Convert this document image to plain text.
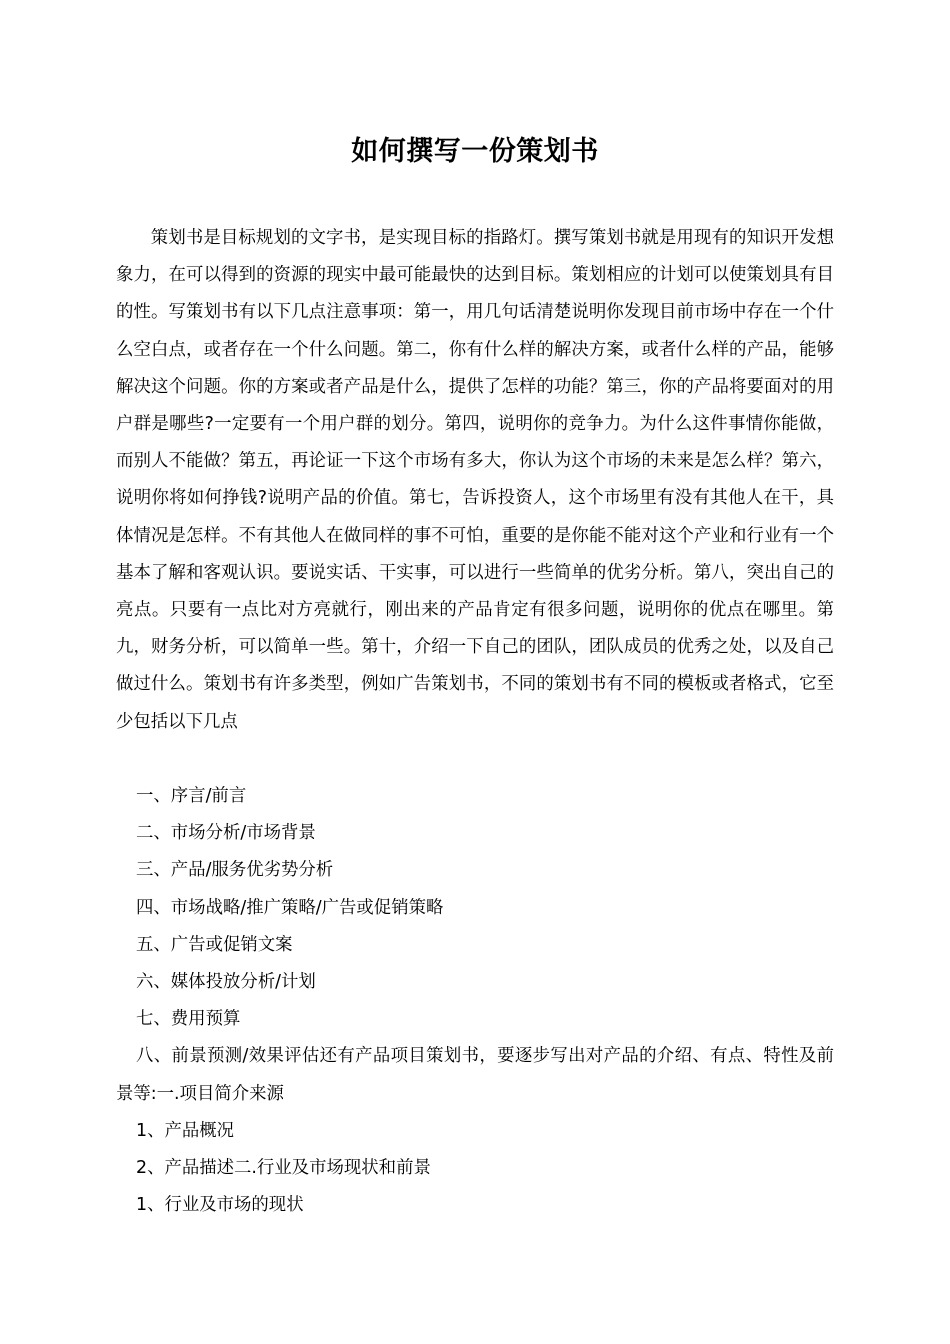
如何撰写一份策划书

策划书是目标规划的文字书，是实现目标的指路灯。撰写策划书就是用现有的知识开发想象力，在可以得到的资源的现实中最可能最快的达到目标。策划相应的计划可以使策划具有目的性。写策划书有以下几点注意事项：第一，用几句话清楚说明你发现目前市场中存在一个什么空白点，或者存在一个什么问题。第二，你有什么样的解决方案，或者什么样的产品，能够解决这个问题。你的方案或者产品是什么，提供了怎样的功能？第三，你的产品将要面对的用户群是哪些?一定要有一个用户群的划分。第四，说明你的竞争力。为什么这件事情你能做，而别人不能做？第五，再论证一下这个市场有多大，你认为这个市场的未来是怎么样？第六，说明你将如何挣钱?说明产品的价值。第七，告诉投资人，这个市场里有没有其他人在干，具体情况是怎样。不有其他人在做同样的事不可怕，重要的是你能不能对这个产业和行业有一个基本了解和客观认识。要说实话、干实事，可以进行一些简单的优劣分析。第八，突出自己的亮点。只要有一点比对方亮就行，刚出来的产品肯定有很多问题，说明你的优点在哪里。第九，财务分析，可以简单一些。第十，介绍一下自己的团队，团队成员的优秀之处，以及自己做过什么。策划书有许多类型，例如广告策划书，不同的策划书有不同的模板或者格式，它至少包括以下几点

一、序言/前言
二、市场分析/市场背景
三、产品/服务优劣势分析
四、市场战略/推广策略/广告或促销策略
五、广告或促销文案
六、媒体投放分析/计划
七、费用预算
八、前景预测/效果评估还有产品项目策划书，要逐步写出对产品的介绍、有点、特性及前景等:一.项目简介来源
1、产品概况
2、产品描述二.行业及市场现状和前景
1、行业及市场的现状
